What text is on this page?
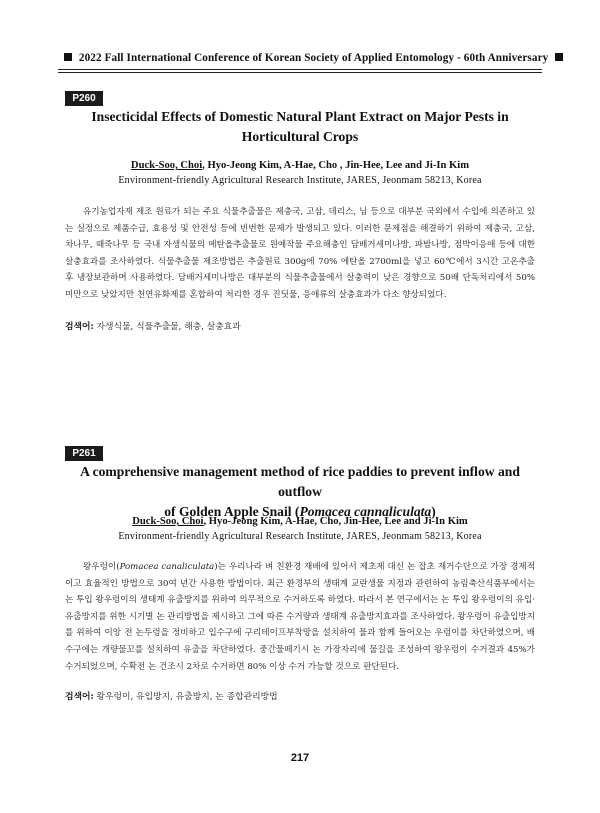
2022 Fall International Conference of Korean Society of Applied Entomology - 60th Anniversary
P260
Insecticidal Effects of Domestic Natural Plant Extract on Major Pests in Horticultural Crops
Duck-Soo, Choi, Hyo-Jeong Kim, A-Hae, Cho , Jin-Hee, Lee and Ji-In Kim
Environment-friendly Agricultural Research Institute, JARES, Jeonmam 58213, Korea
유기농업자재 제조 원료가 되는 주요 식물추출물은 제충국, 고삼, 데리스, 님 등으로 대부분 국외에서 수입에 의존하고 있는 실정으로 제품수급, 효용성 및 안전성 등에 빈번한 문제가 발생되고 있다. 이러한 문제점을 해결하기 위하여 제충국, 고삼, 차나무, 때죽나무 등 국내 자생식물의 메탄올추출물로 원예작물 주요해충인 담배거세미나방, 파밤나방, 점박이응애 등에 대한 살충효과를 조사하였다. 식물추출물 제조방법은 추출원료 300g에 70% 에탄올 2700ml을 넣고 60℃에서 3시간 고온추출 후 냉장보관하며 사용하였다. 담배거세미나방은 대부분의 식물추출물에서 살충력이 낮은 경향으로 50배 단독처리에서 50% 미만으로 낮았지만 천연유화제를 혼합하여 처리한 경우 진딧물, 응애류의 살충효과가 다소 향상되었다.
검색어: 자생식물, 식물추출물, 해충, 살충효과
P261
A comprehensive management method of rice paddies to prevent inflow and outflow
of Golden Apple Snail (Pomacea cannaliculata)
Duck-Soo, Choi, Hyo-Jeong Kim, A-Hae, Cho, Jin-Hee, Lee and Ji-In Kim
Environment-friendly Agricultural Research Institute, JARES, Jeonmam 58213, Korea
왕우렁이(Pomacea canaliculata)는 우리나라 벼 친환경 재배에 있어서 제초제 대신 논 잡초 재거수단으로 가장 경제적이고 효율적인 방법으로 30여 년간 사용한 방법이다. 최근 환경부의 생태계 교란생물 지정과 관련하여 농림축산식품부에서는 논 투입 왕우렁이의 생태계 유출방지를 위하여 의무적으로 수거하도록 하였다. 따라서 본 연구에서는 논 투입 왕우렁이의 유입·유출방지를 위한 시기별 논 관리방법을 제시하고 그에 따른 수거량과 생태계 유출방지효과를 조사하였다. 왕우렁이 유출입방지를 위하여 이앙 전 논두렁을 정비하고 입수구에 구리테이프부착망을 설치하여 물과 함께 들어오는 우렁이를 차단하였으며, 배수구에는 개량물꼬를 설치하여 유출을 차단하였다. 중간물떼기시 논 가장자리에 물길을 조성하여 왕우렁이 수거결과 45%가 수거되었으며, 수확전 논 건조시 2차로 수거하면 80% 이상 수거 가능할 것으로 판단된다.
검색어: 왕우렁이, 유입방지, 유출방지, 논 종합관리방법
217
